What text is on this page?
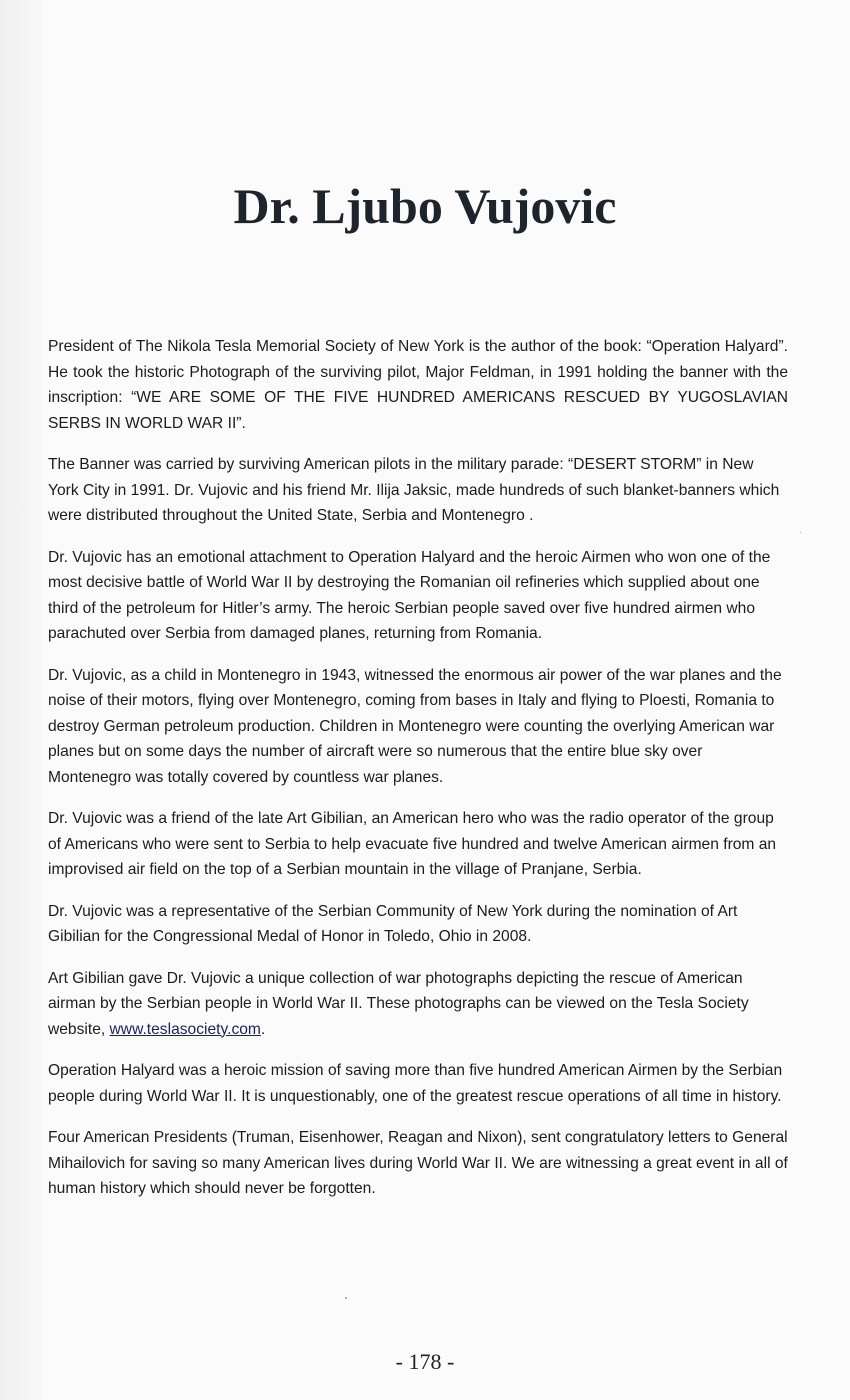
Dr. Ljubo Vujovic

President of The Nikola Tesla Memorial Society of New York is the author of the book: “Operation Halyard”. He took the historic Photograph of the surviving pilot, Major Feldman, in 1991 holding the banner with the inscription: “WE ARE SOME OF THE FIVE HUNDRED AMERICANS RESCUED BY YUGOSLAVIAN SERBS IN WORLD WAR II”.

The Banner was carried by surviving American pilots in the military parade: “DESERT STORM” in New York City in 1991. Dr. Vujovic and his friend Mr. Ilija Jaksic, made hundreds of such blanket-banners which were distributed throughout the United State, Serbia and Montenegro .

Dr. Vujovic has an emotional attachment to Operation Halyard and the heroic Airmen who won one of the most decisive battle of World War II by destroying the Romanian oil refineries which supplied about one third of the petroleum for Hitler’s army. The heroic Serbian people saved over five hundred airmen who parachuted over Serbia from damaged planes, returning from Romania.

Dr. Vujovic, as a child in Montenegro in 1943, witnessed the enormous air power of the war planes and the noise of their motors, flying over Montenegro, coming from bases in Italy and flying to Ploesti, Romania to destroy German petroleum production. Children in Montenegro were counting the overlying American war planes but on some days the number of aircraft were so numerous that the entire blue sky over Montenegro was totally covered by countless war planes.

Dr. Vujovic was a friend of the late Art Gibilian, an American hero who was the radio operator of the group of Americans who were sent to Serbia to help evacuate five hundred and twelve American airmen from an improvised air field on the top of a Serbian mountain in the village of Pranjane, Serbia.

Dr. Vujovic was a representative of the Serbian Community of New York during the nomination of Art Gibilian for the Congressional Medal of Honor in Toledo, Ohio in 2008.

Art Gibilian gave Dr. Vujovic a unique collection of war photographs depicting the rescue of American airman by the Serbian people in World War II. These photographs can be viewed on the Tesla Society website, www.teslasociety.com.

Operation Halyard was a heroic mission of saving more than five hundred American Airmen by the Serbian people during World War II. It is unquestionably, one of the greatest rescue operations of all time in history.

Four American Presidents (Truman, Eisenhower, Reagan and Nixon), sent congratulatory letters to General Mihailovich for saving so many American lives during World War II. We are witnessing a great event in all of human history which should never be forgotten.

- 178 -
